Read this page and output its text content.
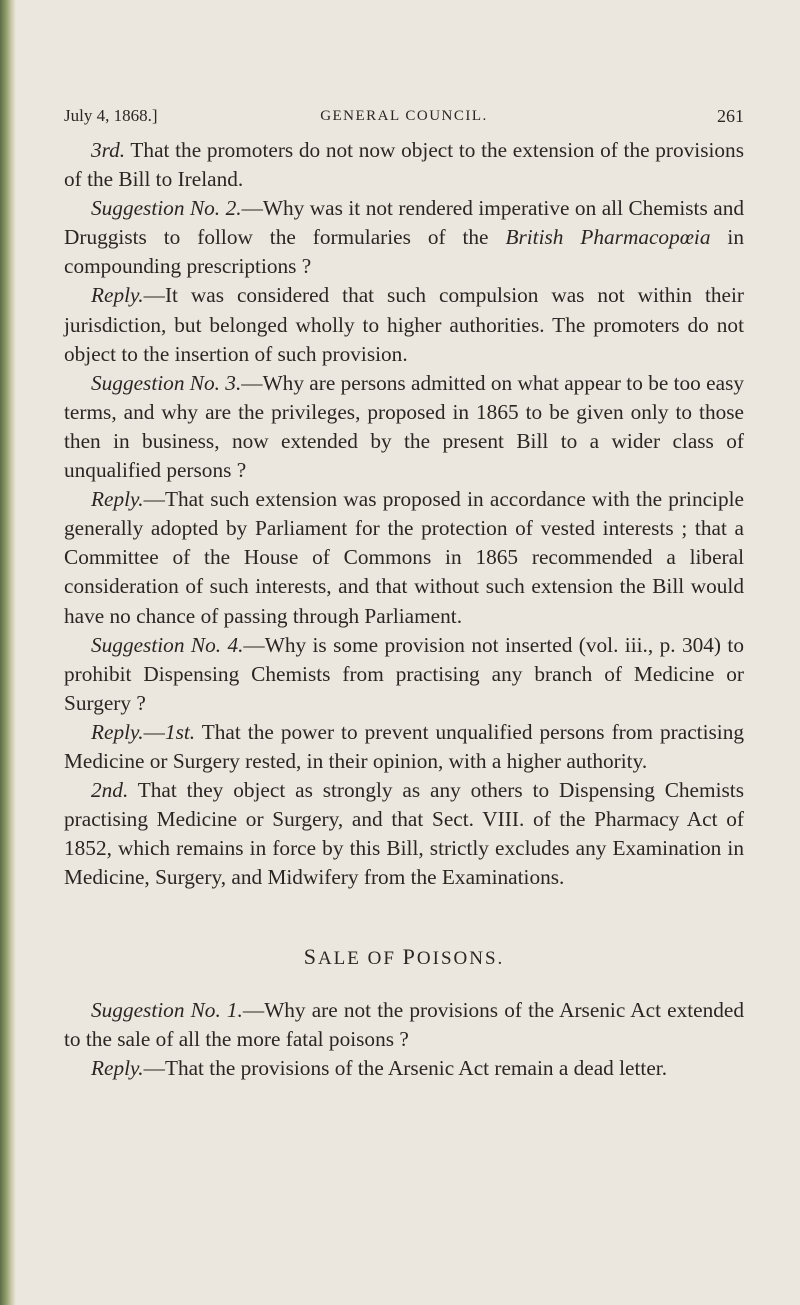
July 4, 1868.]	GENERAL COUNCIL.	261

3rd. That the promoters do not now object to the extension of the provisions of the Bill to Ireland.

Suggestion No. 2.—Why was it not rendered imperative on all Chemists and Druggists to follow the formularies of the British Pharmacopœia in compounding prescriptions ?

Reply.—It was considered that such compulsion was not within their jurisdiction, but belonged wholly to higher authorities. The promoters do not object to the insertion of such provision.

Suggestion No. 3.—Why are persons admitted on what appear to be too easy terms, and why are the privileges, proposed in 1865 to be given only to those then in business, now extended by the present Bill to a wider class of unqualified persons ?

Reply.—That such extension was proposed in accordance with the principle generally adopted by Parliament for the protection of vested interests ; that a Committee of the House of Commons in 1865 recommended a liberal consideration of such interests, and that without such extension the Bill would have no chance of passing through Parliament.

Suggestion No. 4.—Why is some provision not inserted (vol. iii., p. 304) to prohibit Dispensing Chemists from practising any branch of Medicine or Surgery ?

Reply.—1st. That the power to prevent unqualified persons from practising Medicine or Surgery rested, in their opinion, with a higher authority.

2nd. That they object as strongly as any others to Dispensing Chemists practising Medicine or Surgery, and that Sect. VIII. of the Pharmacy Act of 1852, which remains in force by this Bill, strictly excludes any Examination in Medicine, Surgery, and Midwifery from the Examinations.

SALE OF POISONS.

Suggestion No. 1.—Why are not the provisions of the Arsenic Act extended to the sale of all the more fatal poisons ?

Reply.—That the provisions of the Arsenic Act remain a dead letter.
